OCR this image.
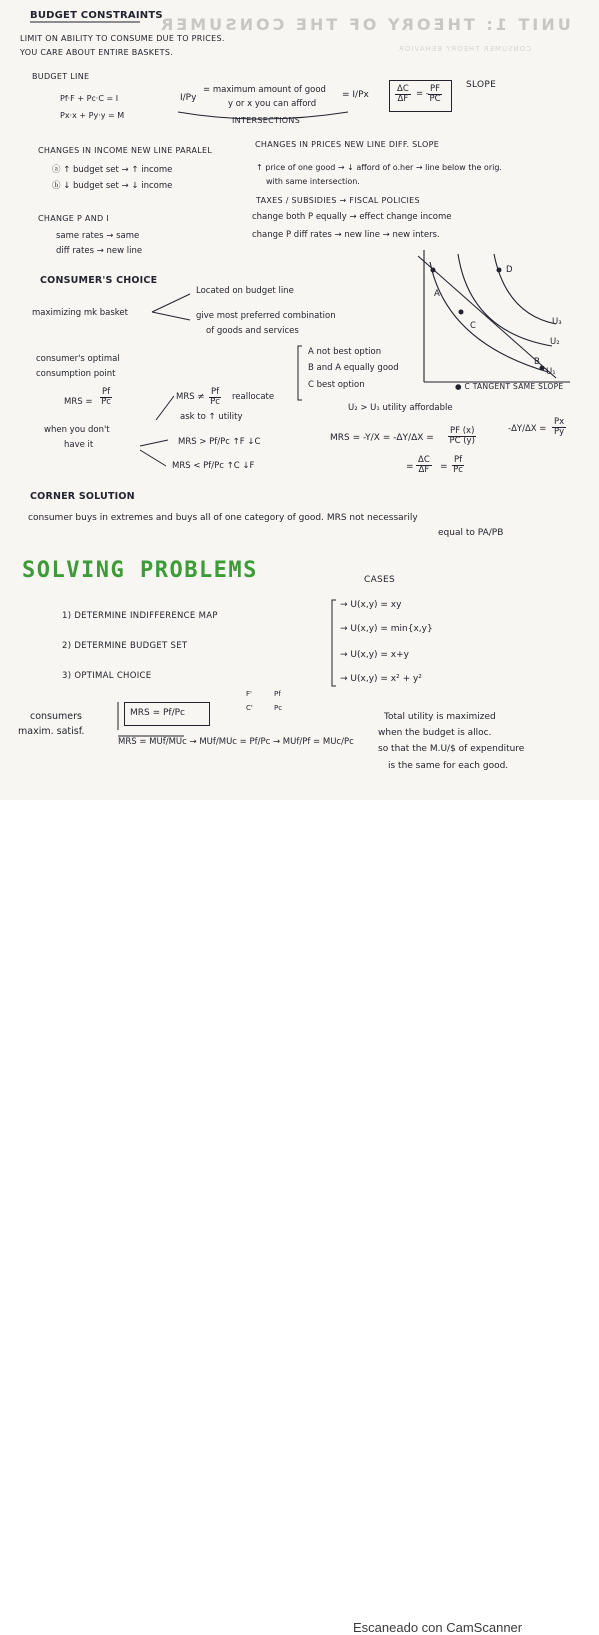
UNIT 1: THEORY OF THE CONSUMER
CONSUMER THEORY BEHAVIOR
BUDGET CONSTRAINTS
LIMIT ON ABILITY TO CONSUME DUE TO PRICES.
YOU CARE ABOUT ENTIRE BASKETS.
BUDGET LINE
Pf·F + Pc·C = I
Px·x + Py·y = M
I/Py
= maximum amount of good
y or x you can afford
INTERSECTIONS
= I/Px
ΔC
ΔF = - PF
PC
SLOPE
CHANGES IN INCOME NEW LINE PARALEL
ⓐ ↑ budget set → ↑ income
ⓑ ↓ budget set → ↓ income
CHANGE P AND I
same rates → same
diff rates → new line
CHANGES IN PRICES NEW LINE DIFF. SLOPE
↑ price of one good → ↓ afford of o.her → line below the orig.
with same intersection.
TAXES / SUBSIDIES → FISCAL POLICIES
change both P equally → effect change income
change P diff rates → new line → new inters.
CONSUMER'S CHOICE
maximizing mk basket
Located on budget line
give most preferred combination
of goods and services
consumer's optimal
consumption point
MRS =
Pf
Pc	MRS ≠ Pf
Pc reallocate
ask to ↑ utility
MRS > Pf/Pc ↑F ↓C
MRS < Pf/Pc ↑C ↓F
when you don't
have it
A not best option
B and A equally good
C best option
U₂ > U₁ utility affordable
MRS = -Y/X = -ΔY/ΔX =
PF (x)
PC (y)
-ΔY/ΔX =
Px
Py
=
ΔC
ΔF =
Pf
Pc
A
B
C
D
U₃
U₂
U₁
● C TANGENT SAME SLOPE
CORNER SOLUTION
consumer buys in extremes and buys all of one category of good. MRS not necessarily
equal to PA/PB
SOLVING PROBLEMS
1) DETERMINE INDIFFERENCE MAP
2) DETERMINE BUDGET SET
3) OPTIMAL CHOICE
CASES
→ U(x,y) = xy
→ U(x,y) = min{x,y}
→ U(x,y) = x+y
→ U(x,y) = x² + y²
consumers
maxim. satisf.
F'
C'
Pf
Pc
MRS = Pf/Pc
MRS = MUf/MUc → MUf/MUc = Pf/Pc → MUf/Pf = MUc/Pc
Total utility is maximized
when the budget is alloc.
so that the M.U/$ of expenditure
is the same for each good.
Escaneado con CamScanner
